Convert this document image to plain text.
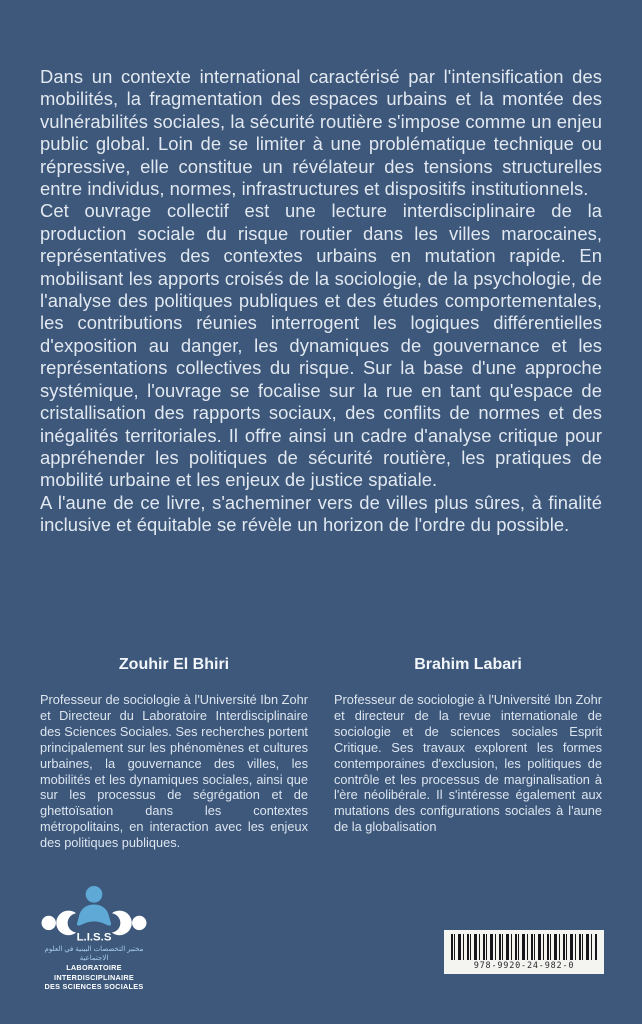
Dans un contexte international caractérisé par l'intensification des mobilités, la fragmentation des espaces urbains et la montée des vulnérabilités sociales, la sécurité routière s'impose comme un enjeu public global. Loin de se limiter à une problématique technique ou répressive, elle constitue un révélateur des tensions structurelles entre individus, normes, infrastructures et dispositifs institutionnels.

Cet ouvrage collectif est une lecture interdisciplinaire de la production sociale du risque routier dans les villes marocaines, représentatives des contextes urbains en mutation rapide. En mobilisant les apports croisés de la sociologie, de la psychologie, de l'analyse des politiques publiques et des études comportementales, les contributions réunies interrogent les logiques différentielles d'exposition au danger, les dynamiques de gouvernance et les représentations collectives du risque. Sur la base d'une approche systémique, l'ouvrage se focalise sur la rue en tant qu'espace de cristallisation des rapports sociaux, des conflits de normes et des inégalités territoriales. Il offre ainsi un cadre d'analyse critique pour appréhender les politiques de sécurité routière, les pratiques de mobilité urbaine et les enjeux de justice spatiale.

A l'aune de ce livre, s'acheminer vers de villes plus sûres, à finalité inclusive et équitable se révèle un horizon de l'ordre du possible.

Zouhir El Bhiri

Professeur de sociologie à l'Université Ibn Zohr et Directeur du Laboratoire Interdisciplinaire des Sciences Sociales. Ses recherches portent principalement sur les phénomènes et cultures urbaines, la gouvernance des villes, les mobilités et les dynamiques sociales, ainsi que sur les processus de ségrégation et de ghettoïsation dans les contextes métropolitains, en interaction avec les enjeux des politiques publiques.

Brahim Labari

Professeur de sociologie à l'Université Ibn Zohr et directeur de la revue internationale de sociologie et de sciences sociales Esprit Critique. Ses travaux explorent les formes contemporaines d'exclusion, les politiques de contrôle et les processus de marginalisation à l'ère néolibérale. Il s'intéresse également aux mutations des configurations sociales à l'aune de la globalisation

L.I.S.S
مختبر التخصصات البينية في العلوم الاجتماعية
LABORATOIRE INTERDISCIPLINAIRE
DES SCIENCES SOCIALES
978-9920-24-982-0
